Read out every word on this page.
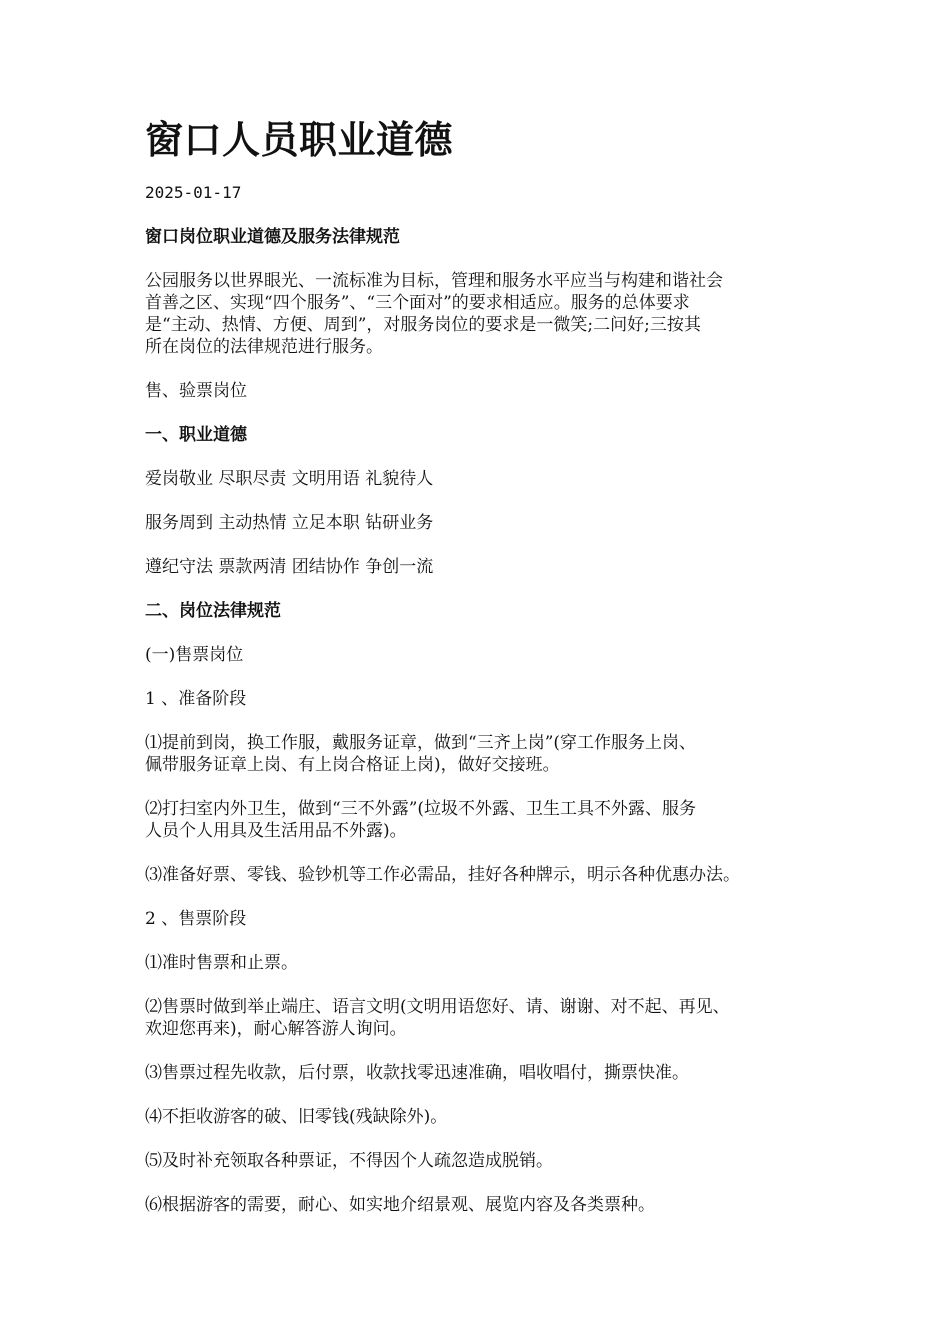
窗口人员职业道德
2025-01-17
窗口岗位职业道德及服务法律规范
公园服务以世界眼光、一流标准为目标，管理和服务水平应当与构建和谐社会
首善之区、实现“四个服务”、“三个面对”的要求相适应。服务的总体要求
是“主动、热情、方便、周到”，对服务岗位的要求是一微笑;二问好;三按其
所在岗位的法律规范进行服务。
售、验票岗位
一、职业道德
爱岗敬业 尽职尽责 文明用语 礼貌待人
服务周到 主动热情 立足本职 钻研业务
遵纪守法 票款两清 团结协作 争创一流
二、岗位法律规范
(一)售票岗位
1 、准备阶段
⑴提前到岗，换工作服，戴服务证章，做到“三齐上岗”(穿工作服务上岗、
佩带服务证章上岗、有上岗合格证上岗)，做好交接班。
⑵打扫室内外卫生，做到“三不外露”(垃圾不外露、卫生工具不外露、服务
人员个人用具及生活用品不外露)。
⑶准备好票、零钱、验钞机等工作必需品，挂好各种牌示，明示各种优惠办法。
2 、售票阶段
⑴准时售票和止票。
⑵售票时做到举止端庄、语言文明(文明用语您好、请、谢谢、对不起、再见、
欢迎您再来)，耐心解答游人询问。
⑶售票过程先收款，后付票，收款找零迅速准确，唱收唱付，撕票快准。
⑷不拒收游客的破、旧零钱(残缺除外)。
⑸及时补充领取各种票证，不得因个人疏忽造成脱销。
⑹根据游客的需要，耐心、如实地介绍景观、展览内容及各类票种。
